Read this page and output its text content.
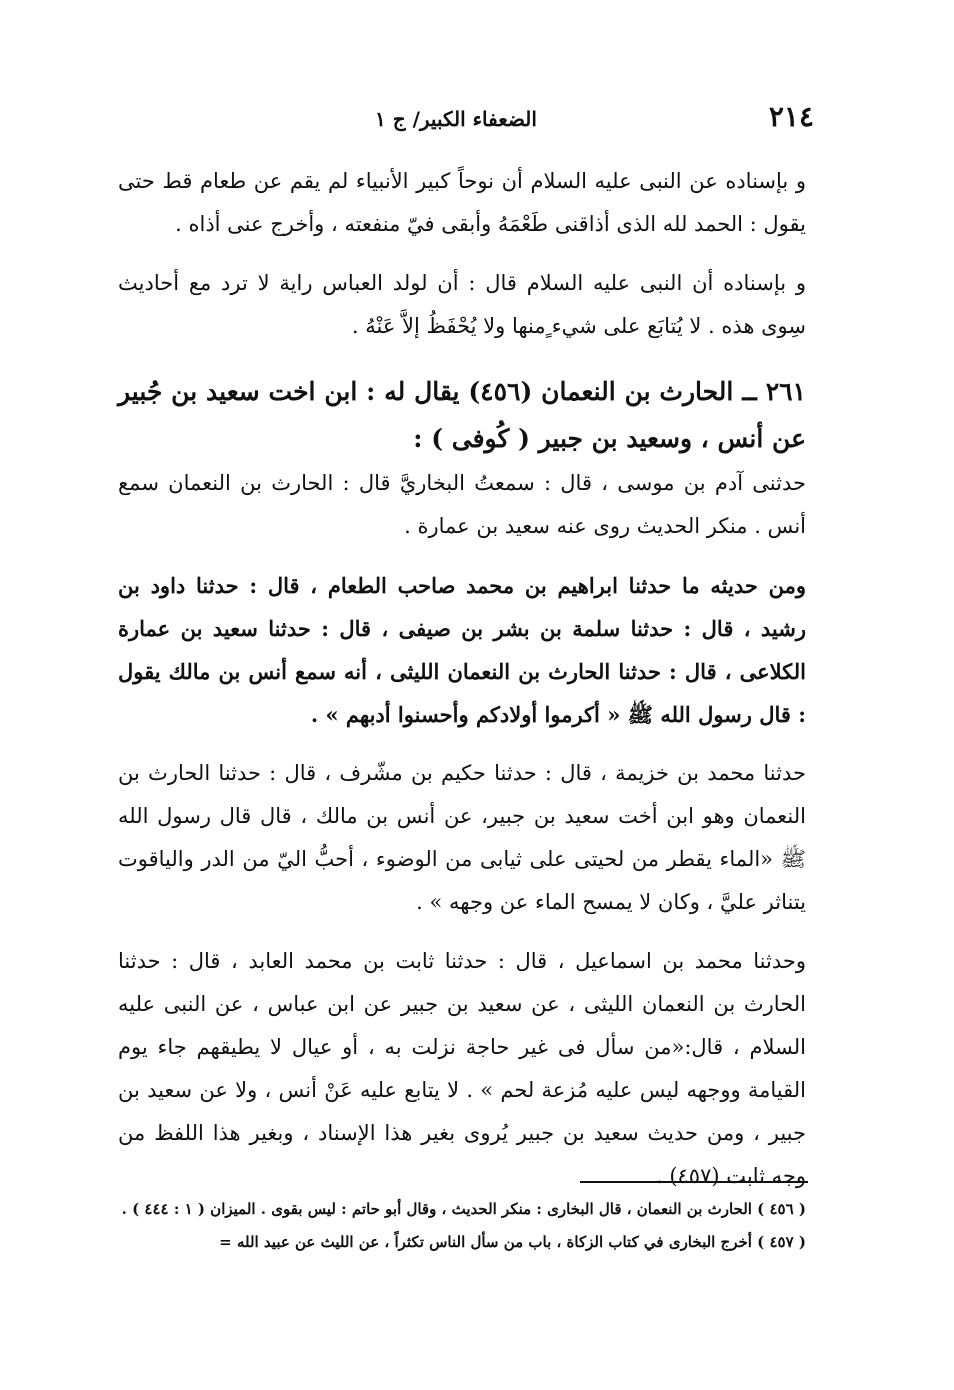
٢١٤
الضعفاء الكبير/ ج ١

و بإسناده عن النبى عليه السلام أن نوحاً كبير الأنبياء لم يقم عن طعام قط حتى يقول : الحمد لله الذى أذاقنى طَعْمَهُ وأبقى فيّ منفعته ، وأخرج عنى أذاه .

و بإسناده أن النبى عليه السلام قال : أن لولد العباس راية لا ترد مع أحاديث سِوى هذه . لا يُتابَع على شيء ٍمنها ولا يُحْفَظُ إلاَّ عَنْهُ .

٢٦١ ــ الحارث بن النعمان (٤٥٦) يقال له : ابن اخت سعيد بن جُبير عن أنس ، وسعيد بن جبير ( كُوفى ) :

حدثنى آدم بن موسى ، قال : سمعتُ البخاريَّ قال : الحارث بن النعمان سمع أنس . منكر الحديث روى عنه سعيد بن عمارة .

ومن حديثه ما حدثنا ابراهيم بن محمد صاحب الطعام ، قال : حدثنا داود بن رشيد ، قال : حدثنا سلمة بن بشر بن صيفى ، قال : حدثنا سعيد بن عمارة الكلاعى ، قال : حدثنا الحارث بن النعمان الليثى ، أنه سمع أنس بن مالك يقول : قال رسول الله ﷺ « أكرموا أولادكم وأحسنوا أدبهم » .

حدثنا محمد بن خزيمة ، قال : حدثنا حكيم بن مشّرف ، قال : حدثنا الحارث بن النعمان وهو ابن أخت سعيد بن جبير، عن أنس بن مالك ، قال قال رسول الله ﷺ «الماء يقطر من لحيتى على ثيابى من الوضوء ، أحبُّ اليّ من الدر والياقوت يتناثر عليَّ ، وكان لا يمسح الماء عن وجهه » .

وحدثنا محمد بن اسماعيل ، قال : حدثنا ثابت بن محمد العابد ، قال : حدثنا الحارث بن النعمان الليثى ، عن سعيد بن جبير عن ابن عباس ، عن النبى عليه السلام ، قال:«من سأل فى غير حاجة نزلت به ، أو عيال لا يطيقهم جاء يوم القيامة ووجهه ليس عليه مُزعة لحم » . لا يتابع عليه عَنْ أنس ، ولا عن سعيد بن جبير ، ومن حديث سعيد بن جبير يُروى بغير هذا الإسناد ، وبغير هذا اللفظ من وجه ثابت (٤٥٧) .

( ٤٥٦ ) الحارث بن النعمان ، قال البخارى : منكر الحديث ، وقال أبو حاتم : ليس بقوى . الميزان ( ١ : ٤٤٤ ) .

( ٤٥٧ ) أخرج البخارى في كتاب الزكاة ، باب من سأل الناس تكثراً ، عن الليث عن عبيد الله =
